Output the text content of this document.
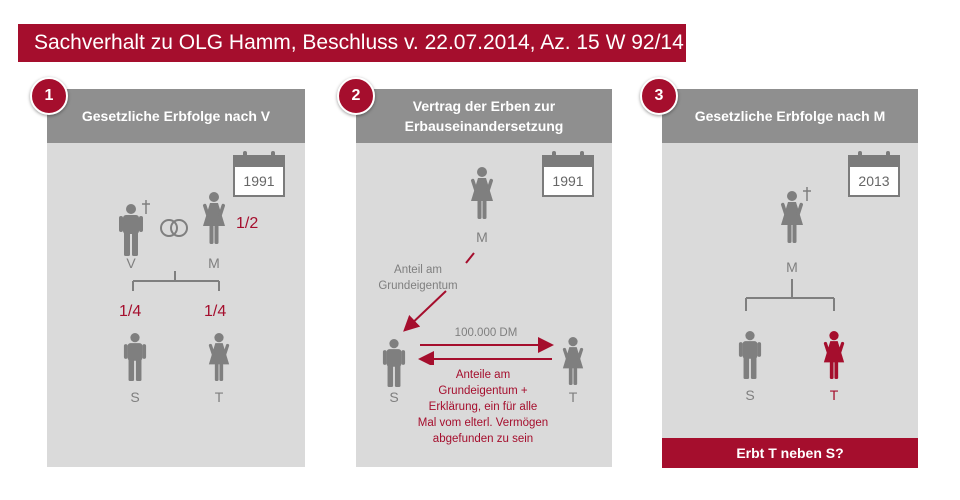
Sachverhalt zu OLG Hamm, Beschluss v. 22.07.2014, Az. 15 W 92/14
Gesetzliche Erbfolge nach V
1991
1/2
V	M
1/4	1/4
S	T
1
Vertrag der Erben zur
Erbauseinandersetzung
1991
M
Anteil am
Grundeigentum
S	T
100.000 DM
Anteile am
Grundeigentum +
Erklärung, ein für alle
Mal vom elterl. Vermögen
abgefunden zu sein
2
Gesetzliche Erbfolge nach M
2013
M
S	T
3
Erbt T neben S?
